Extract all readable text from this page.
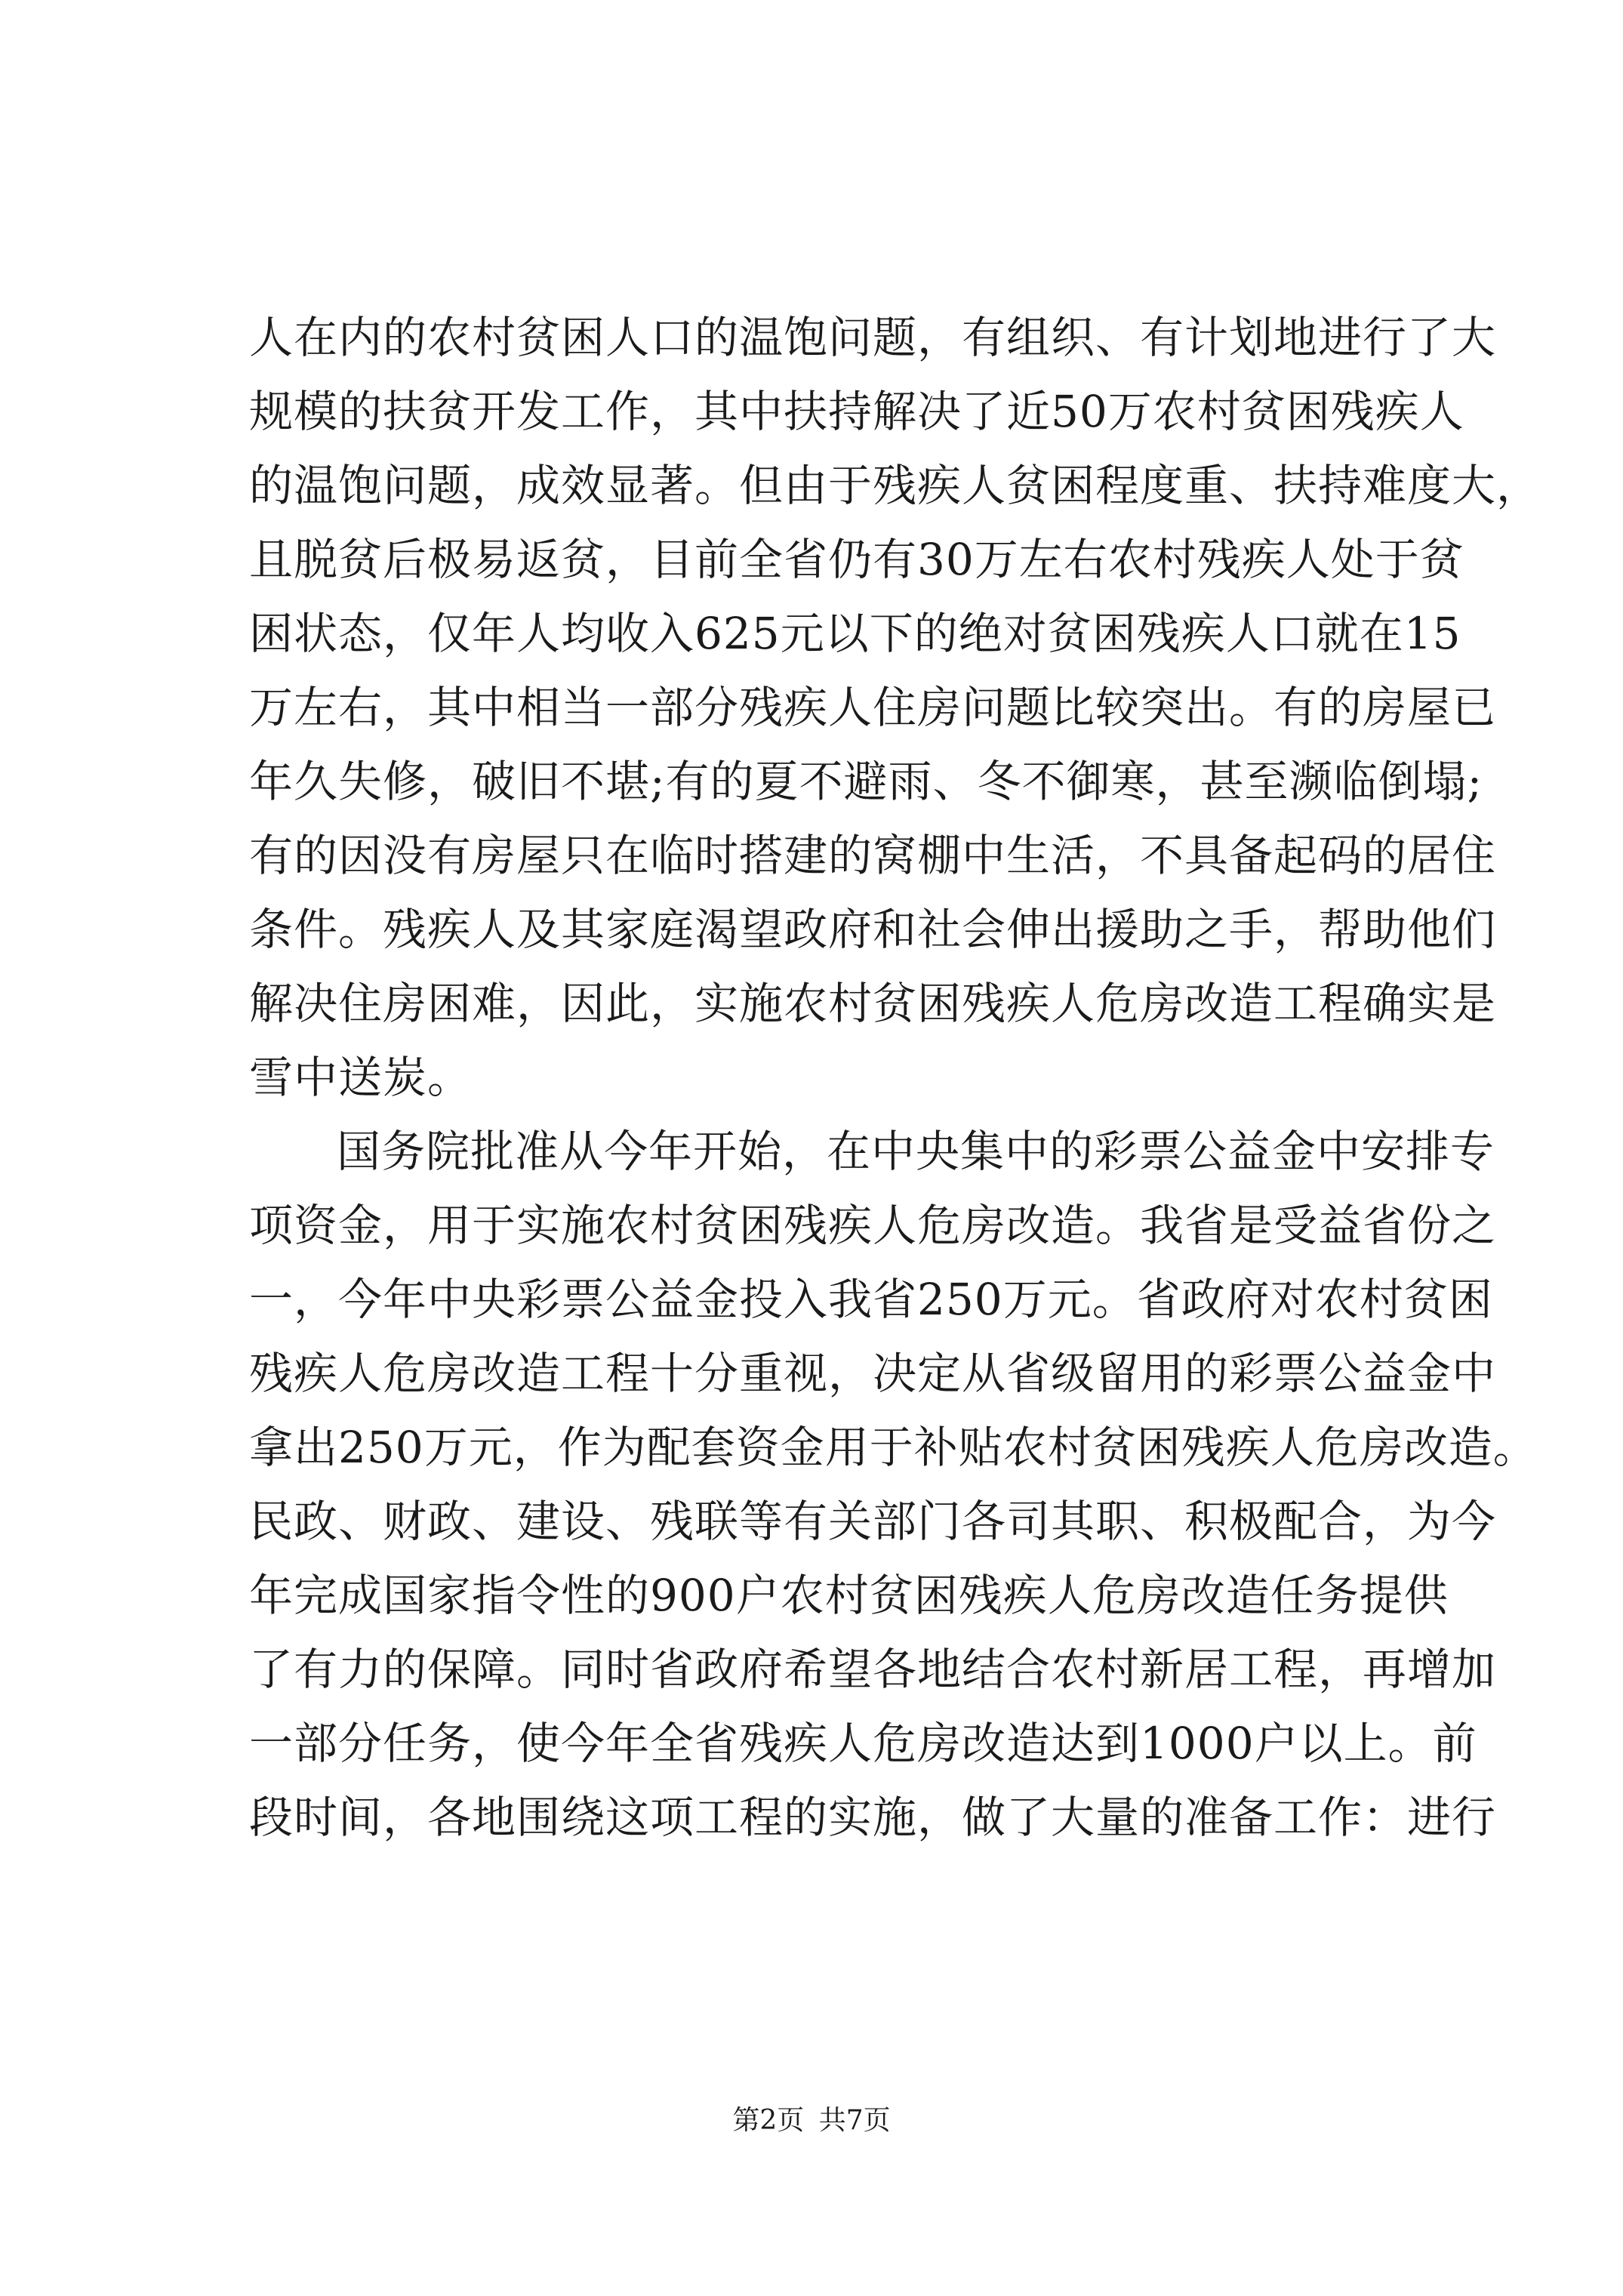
人在内的农村贫困人口的温饱问题，有组织、有计划地进行了大
规模的扶贫开发工作，其中扶持解决了近50万农村贫困残疾人
的温饱问题，成效显著。但由于残疾人贫困程度重、扶持难度大，
且脱贫后极易返贫，目前全省仍有30万左右农村残疾人处于贫
困状态，仅年人均收入625元以下的绝对贫困残疾人口就在15
万左右，其中相当一部分残疾人住房问题比较突出。有的房屋已
年久失修，破旧不堪;有的夏不避雨、冬不御寒，甚至濒临倒塌;
有的因没有房屋只在临时搭建的窝棚中生活，不具备起码的居住
条件。残疾人及其家庭渴望政府和社会伸出援助之手，帮助他们
解决住房困难，因此，实施农村贫困残疾人危房改造工程确实是
雪中送炭。
国务院批准从今年开始，在中央集中的彩票公益金中安排专
项资金，用于实施农村贫困残疾人危房改造。我省是受益省份之
一，今年中央彩票公益金投入我省250万元。省政府对农村贫困
残疾人危房改造工程十分重视，决定从省级留用的彩票公益金中
拿出250万元，作为配套资金用于补贴农村贫困残疾人危房改造。
民政、财政、建设、残联等有关部门各司其职、积极配合，为今
年完成国家指令性的900户农村贫困残疾人危房改造任务提供
了有力的保障。同时省政府希望各地结合农村新居工程，再增加
一部分任务，使今年全省残疾人危房改造达到1000户以上。前
段时间，各地围绕这项工程的实施，做了大量的准备工作：进行
第2页 共7页
